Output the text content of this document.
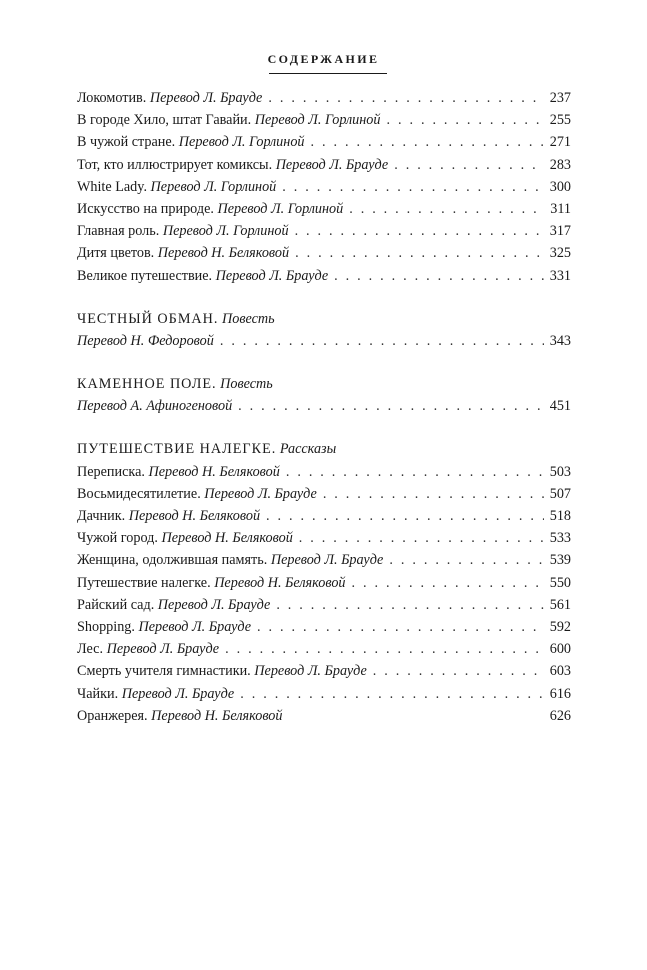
СОДЕРЖАНИЕ
Локомотив. Перевод Л. Брауде . . .	237
В городе Хило, штат Гавайи. Перевод Л. Горлиной . . .	255
В чужой стране. Перевод Л. Горлиной . . .	271
Тот, кто иллюстрирует комиксы. Перевод Л. Брауде . . .	283
White Lady. Перевод Л. Горлиной . . .	300
Искусство на природе. Перевод Л. Горлиной . . .	311
Главная роль. Перевод Л. Горлиной . . .	317
Дитя цветов. Перевод Н. Беляковой . . .	325
Великое путешествие. Перевод Л. Брауде . . .	331
ЧЕСТНЫЙ ОБМАН. Повесть
Перевод Н. Федоровой . . .	343
КАМЕННОЕ ПОЛЕ. Повесть
Перевод А. Афиногеновой . . .	451
ПУТЕШЕСТВИЕ НАЛЕГКЕ. Рассказы
Переписка. Перевод Н. Беляковой . . .	503
Восьмидесятилетие. Перевод Л. Брауде . . .	507
Дачник. Перевод Н. Беляковой . . .	518
Чужой город. Перевод Н. Беляковой . . .	533
Женщина, одолжившая память. Перевод Л. Брауде . . .	539
Путешествие налегке. Перевод Н. Беляковой . . .	550
Райский сад. Перевод Л. Брауде . . .	561
Shopping. Перевод Л. Брауде . . .	592
Лес. Перевод Л. Брауде . . .	600
Смерть учителя гимнастики. Перевод Л. Брауде . . .	603
Чайки. Перевод Л. Брауде . . .	616
Оранжерея. Перевод Н. Беляковой	626
